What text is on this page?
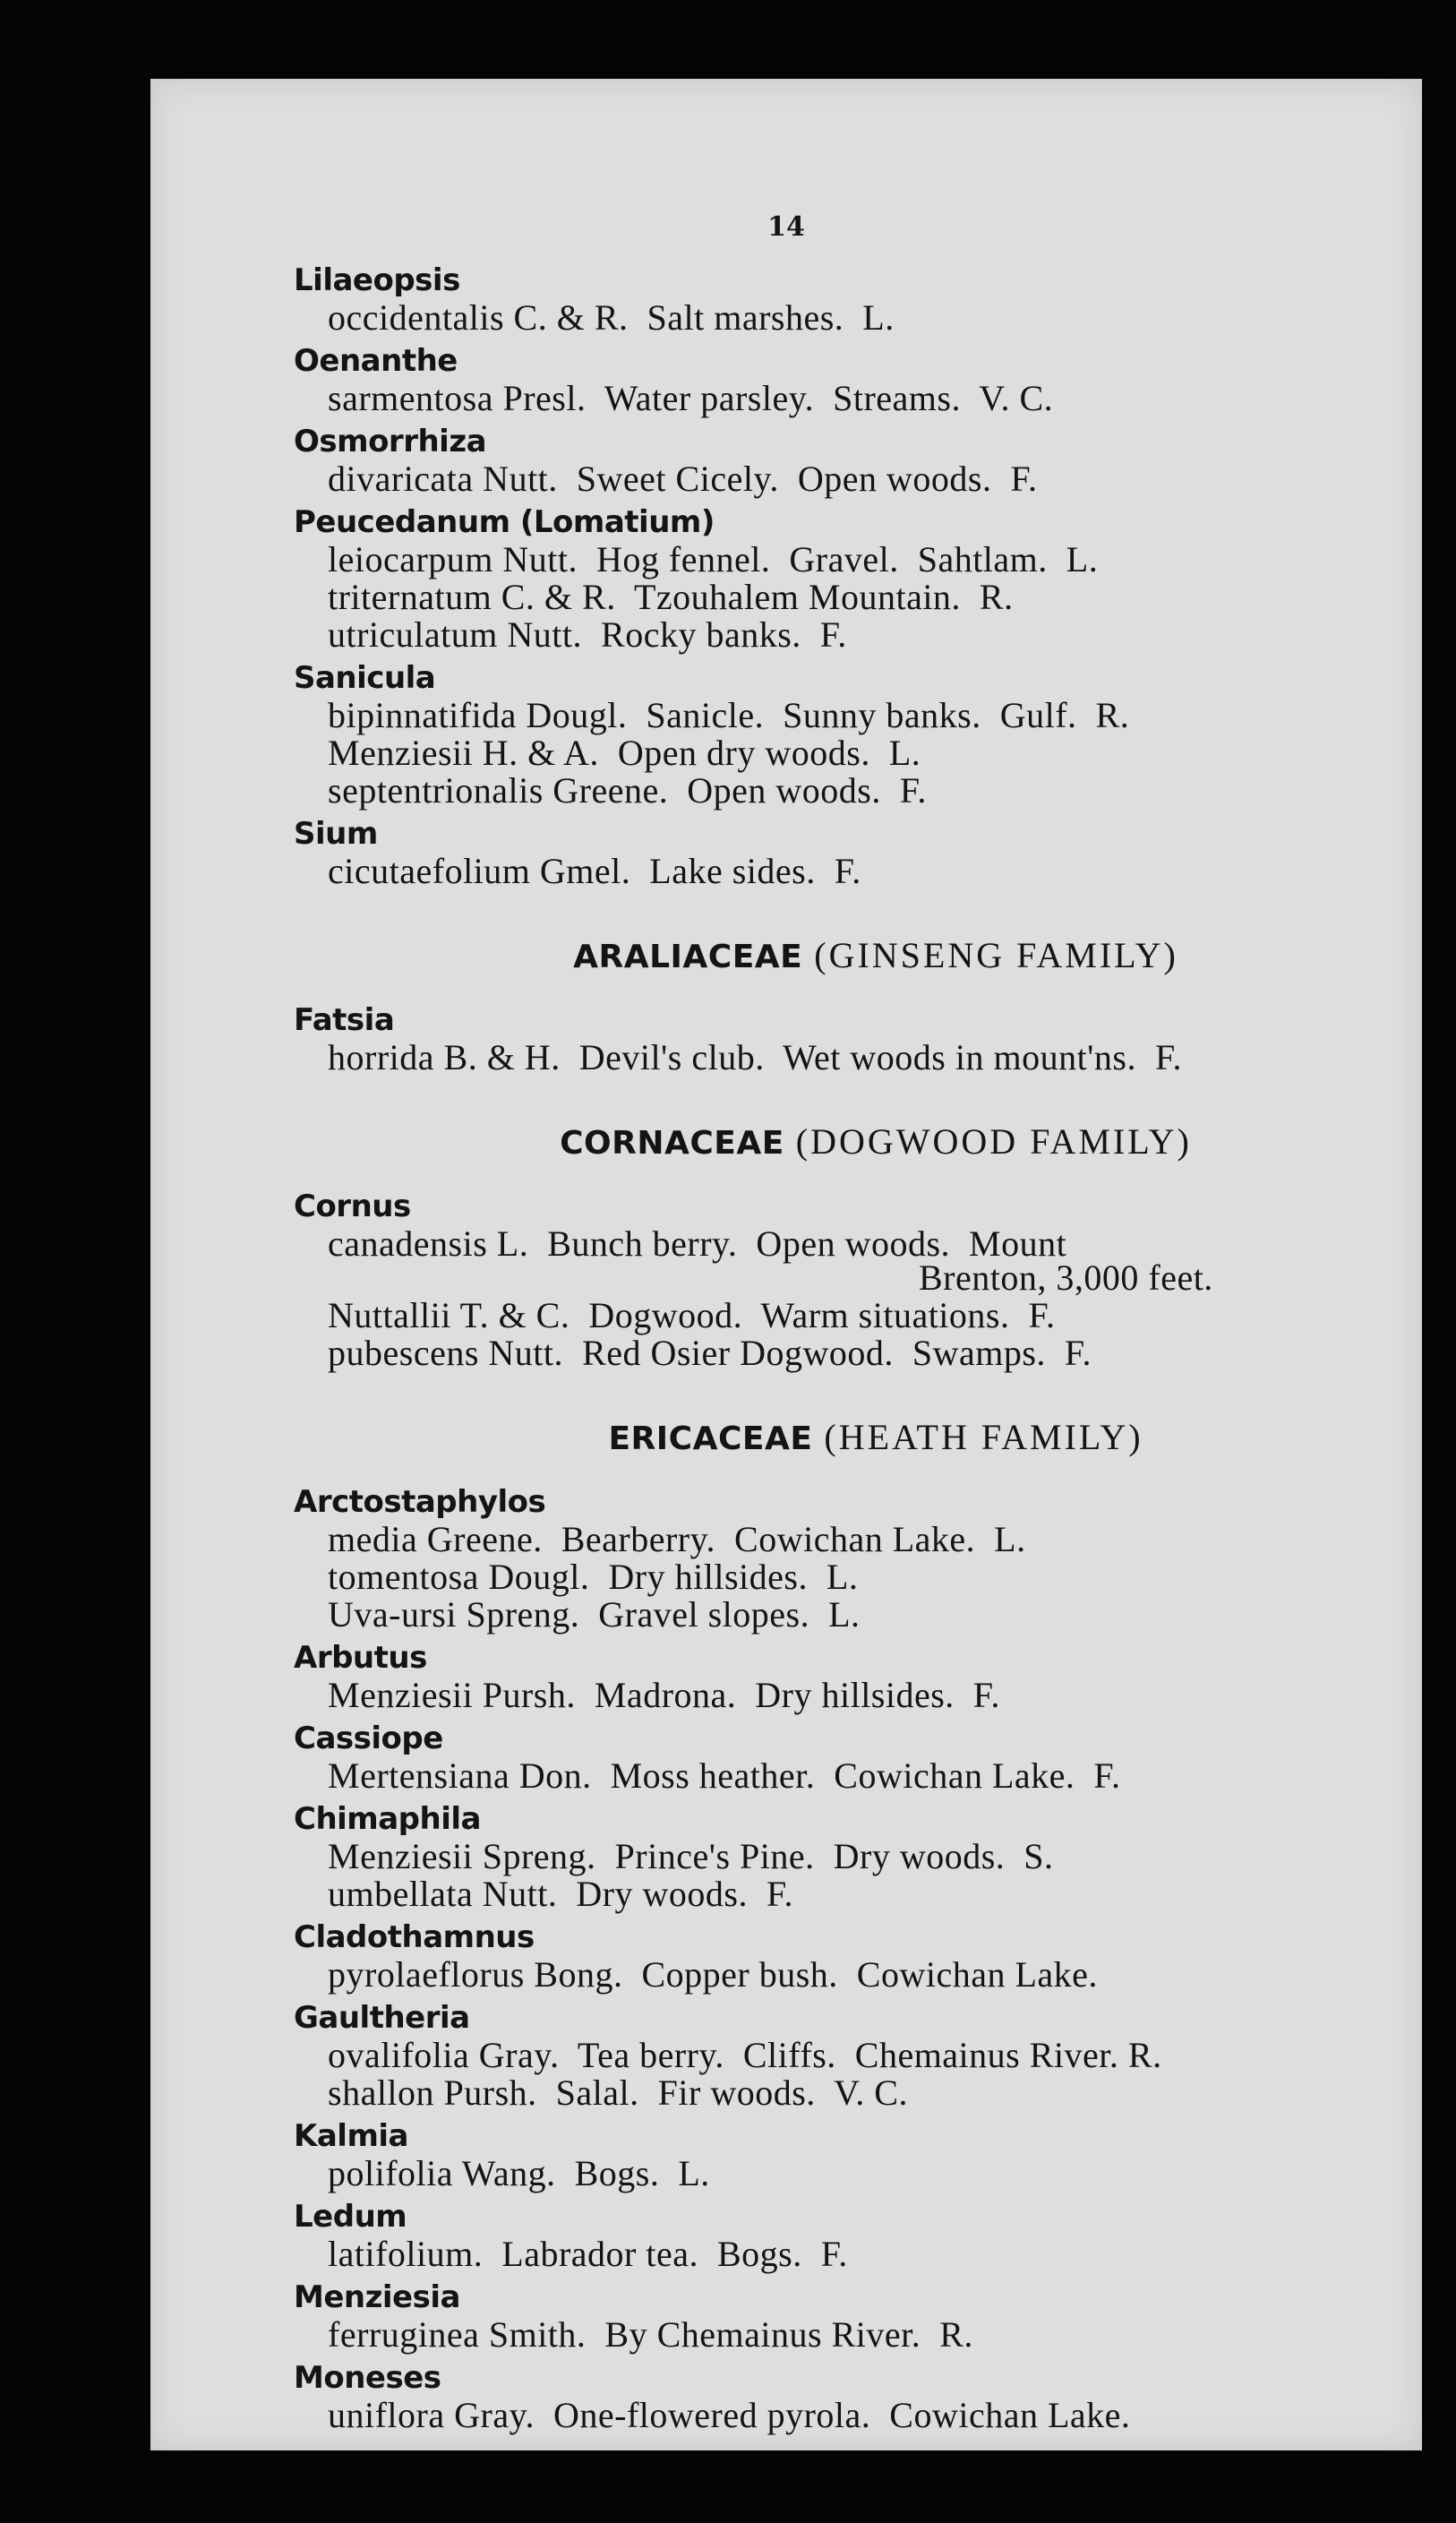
14
Lilaeopsis
occidentalis C. & R.  Salt marshes.  L.
Oenanthe
sarmentosa Presl.  Water parsley.  Streams.  V. C.
Osmorrhiza
divaricata Nutt.  Sweet Cicely.  Open woods.  F.
Peucedanum (Lomatium)
leiocarpum Nutt.  Hog fennel.  Gravel.  Sahtlam.  L.
triternatum C. & R.  Tzouhalem Mountain.  R.
utriculatum Nutt.  Rocky banks.  F.
Sanicula
bipinnatifida Dougl.  Sanicle.  Sunny banks.  Gulf.  R.
Menziesii H. & A.  Open dry woods.  L.
septentrionalis Greene.  Open woods.  F.
Sium
cicutaefolium Gmel.  Lake sides.  F.
ARALIACEAE (GINSENG FAMILY)
Fatsia
horrida B. & H.  Devil's club.  Wet woods in mount'ns.  F.
CORNACEAE (DOGWOOD FAMILY)
Cornus
canadensis L.  Bunch berry.  Open woods.  Mount
Brenton, 3,000 feet.
Nuttallii T. & C.  Dogwood.  Warm situations.  F.
pubescens Nutt.  Red Osier Dogwood.  Swamps.  F.
ERICACEAE (HEATH FAMILY)
Arctostaphylos
media Greene.  Bearberry.  Cowichan Lake.  L.
tomentosa Dougl.  Dry hillsides.  L.
Uva-ursi Spreng.  Gravel slopes.  L.
Arbutus
Menziesii Pursh.  Madrona.  Dry hillsides.  F.
Cassiope
Mertensiana Don.  Moss heather.  Cowichan Lake.  F.
Chimaphila
Menziesii Spreng.  Prince's Pine.  Dry woods.  S.
umbellata Nutt.  Dry woods.  F.
Cladothamnus
pyrolaeflorus Bong.  Copper bush.  Cowichan Lake.
Gaultheria
ovalifolia Gray.  Tea berry.  Cliffs.  Chemainus River. R.
shallon Pursh.  Salal.  Fir woods.  V. C.
Kalmia
polifolia Wang.  Bogs.  L.
Ledum
latifolium.  Labrador tea.  Bogs.  F.
Menziesia
ferruginea Smith.  By Chemainus River.  R.
Moneses
uniflora Gray.  One-flowered pyrola.  Cowichan Lake.
